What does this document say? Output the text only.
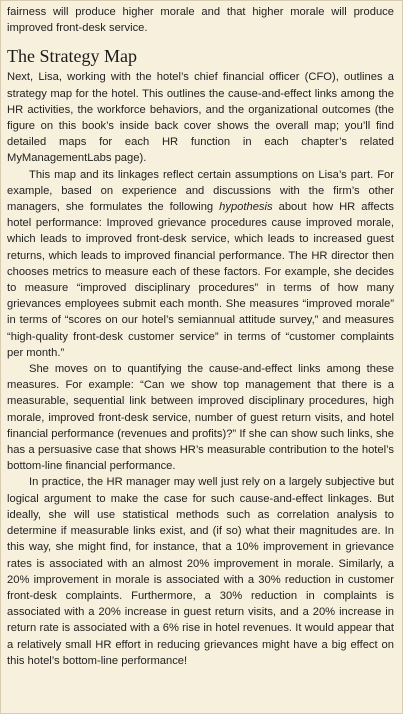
fairness will produce higher morale and that higher morale will produce improved front-desk service.

The Strategy Map

Next, Lisa, working with the hotel’s chief financial officer (CFO), outlines a strategy map for the hotel. This outlines the cause-and-effect links among the HR activities, the workforce behaviors, and the organizational outcomes (the figure on this book’s inside back cover shows the overall map; you’ll find detailed maps for each HR function in each chapter’s related MyManagementLabs page).

This map and its linkages reflect certain assumptions on Lisa’s part. For example, based on experience and discussions with the firm’s other managers, she formulates the following hypothesis about how HR affects hotel performance: Improved grievance procedures cause improved morale, which leads to improved front-desk service, which leads to increased guest returns, which leads to improved financial performance. The HR director then chooses metrics to measure each of these factors. For example, she decides to measure “improved disciplinary procedures” in terms of how many grievances employees submit each month. She measures “improved morale” in terms of “scores on our hotel’s semiannual attitude survey,” and measures “high-quality front-desk customer service” in terms of “customer complaints per month.”

She moves on to quantifying the cause-and-effect links among these measures. For example: “Can we show top management that there is a measurable, sequential link between improved disciplinary procedures, high morale, improved front-desk service, number of guest return visits, and hotel financial performance (revenues and profits)?” If she can show such links, she has a persuasive case that shows HR’s measurable contribution to the hotel’s bottom-line financial performance.

In practice, the HR manager may well just rely on a largely subjective but logical argument to make the case for such cause-and-effect linkages. But ideally, she will use statistical methods such as correlation analysis to determine if measurable links exist, and (if so) what their magnitudes are. In this way, she might find, for instance, that a 10% improvement in grievance rates is associated with an almost 20% improvement in morale. Similarly, a 20% improvement in morale is associated with a 30% reduction in customer front-desk complaints. Furthermore, a 30% reduction in complaints is associated with a 20% increase in guest return visits, and a 20% increase in return rate is associated with a 6% rise in hotel revenues. It would appear that a relatively small HR effort in reducing grievances might have a big effect on this hotel’s bottom-line performance!
